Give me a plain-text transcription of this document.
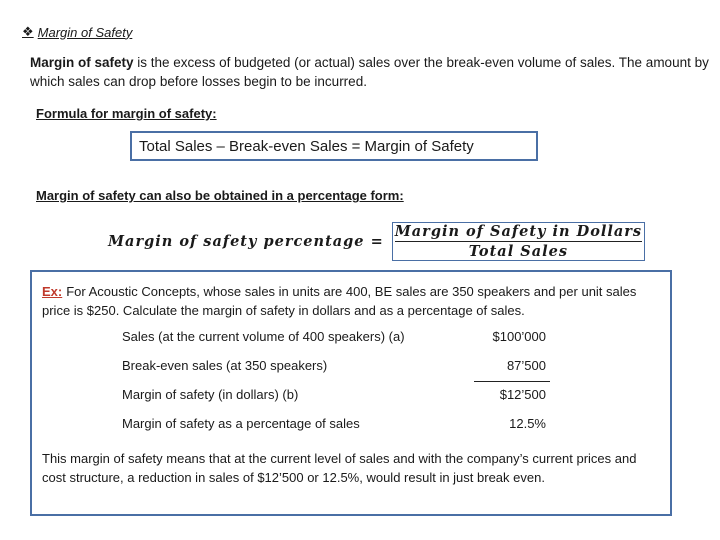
❖ Margin of Safety
Margin of safety is the excess of budgeted (or actual) sales over the break-even volume of sales. The amount by which sales can drop before losses begin to be incurred.
Formula for margin of safety:
Total Sales – Break-even Sales = Margin of Safety
Margin of safety can also be obtained in a percentage form:
Margin of safety percentage =
Margin of Safety in Dollars
Total Sales
Ex: For Acoustic Concepts, whose sales in units are 400, BE sales are 350 speakers and per unit sales price is $250. Calculate the margin of safety in dollars and as a percentage of sales.
Sales (at the current volume of 400 speakers) (a)	$100’000
Break-even sales (at 350 speakers)	87’500
Margin of safety (in dollars) (b)	$12’500
Margin of safety as a percentage of sales	12.5%
This margin of safety means that at the current level of sales and with the company’s current prices and cost structure, a reduction in sales of $12’500 or 12.5%, would result in just break even.
